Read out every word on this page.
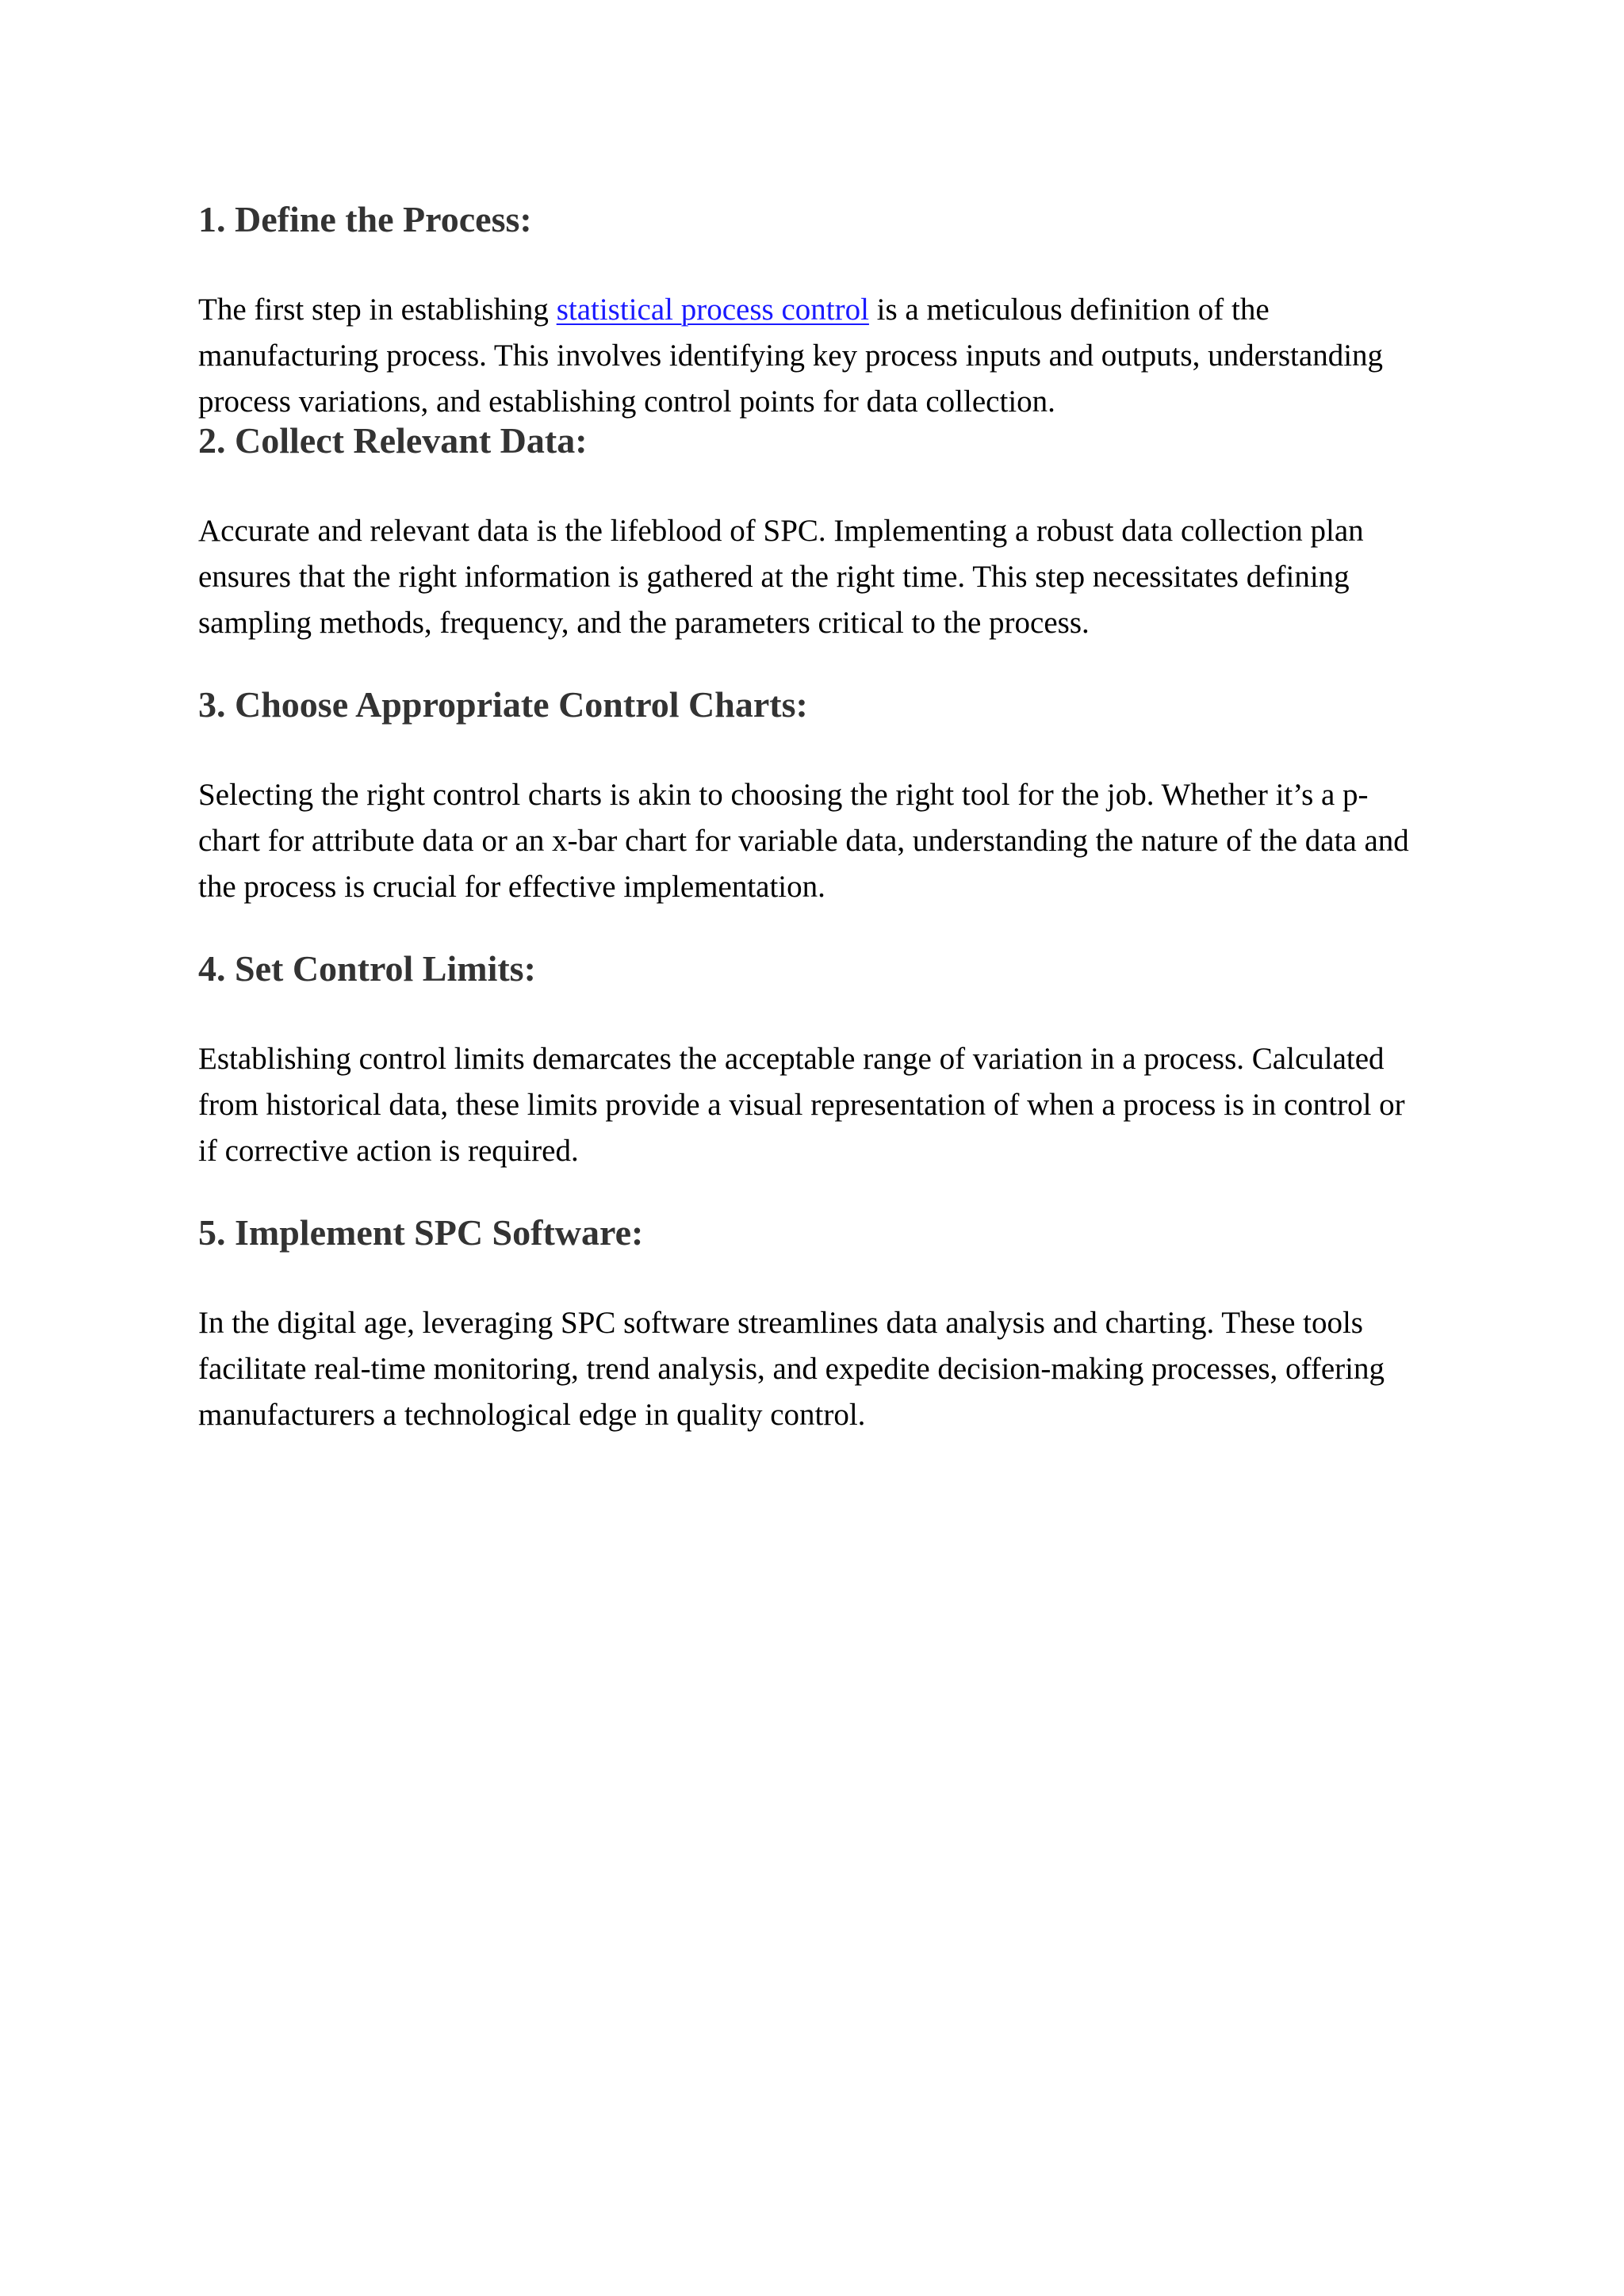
1. Define the Process:

The first step in establishing statistical process control is a meticulous definition of the
manufacturing process. This involves identifying key process inputs and outputs, understanding
process variations, and establishing control points for data collection.

2. Collect Relevant Data:

Accurate and relevant data is the lifeblood of SPC. Implementing a robust data collection plan
ensures that the right information is gathered at the right time. This step necessitates defining
sampling methods, frequency, and the parameters critical to the process.

3. Choose Appropriate Control Charts:

Selecting the right control charts is akin to choosing the right tool for the job. Whether it’s a p-
chart for attribute data or an x-bar chart for variable data, understanding the nature of the data and
the process is crucial for effective implementation.

4. Set Control Limits:

Establishing control limits demarcates the acceptable range of variation in a process. Calculated
from historical data, these limits provide a visual representation of when a process is in control or
if corrective action is required.

5. Implement SPC Software:

In the digital age, leveraging SPC software streamlines data analysis and charting. These tools
facilitate real-time monitoring, trend analysis, and expedite decision-making processes, offering
manufacturers a technological edge in quality control.
